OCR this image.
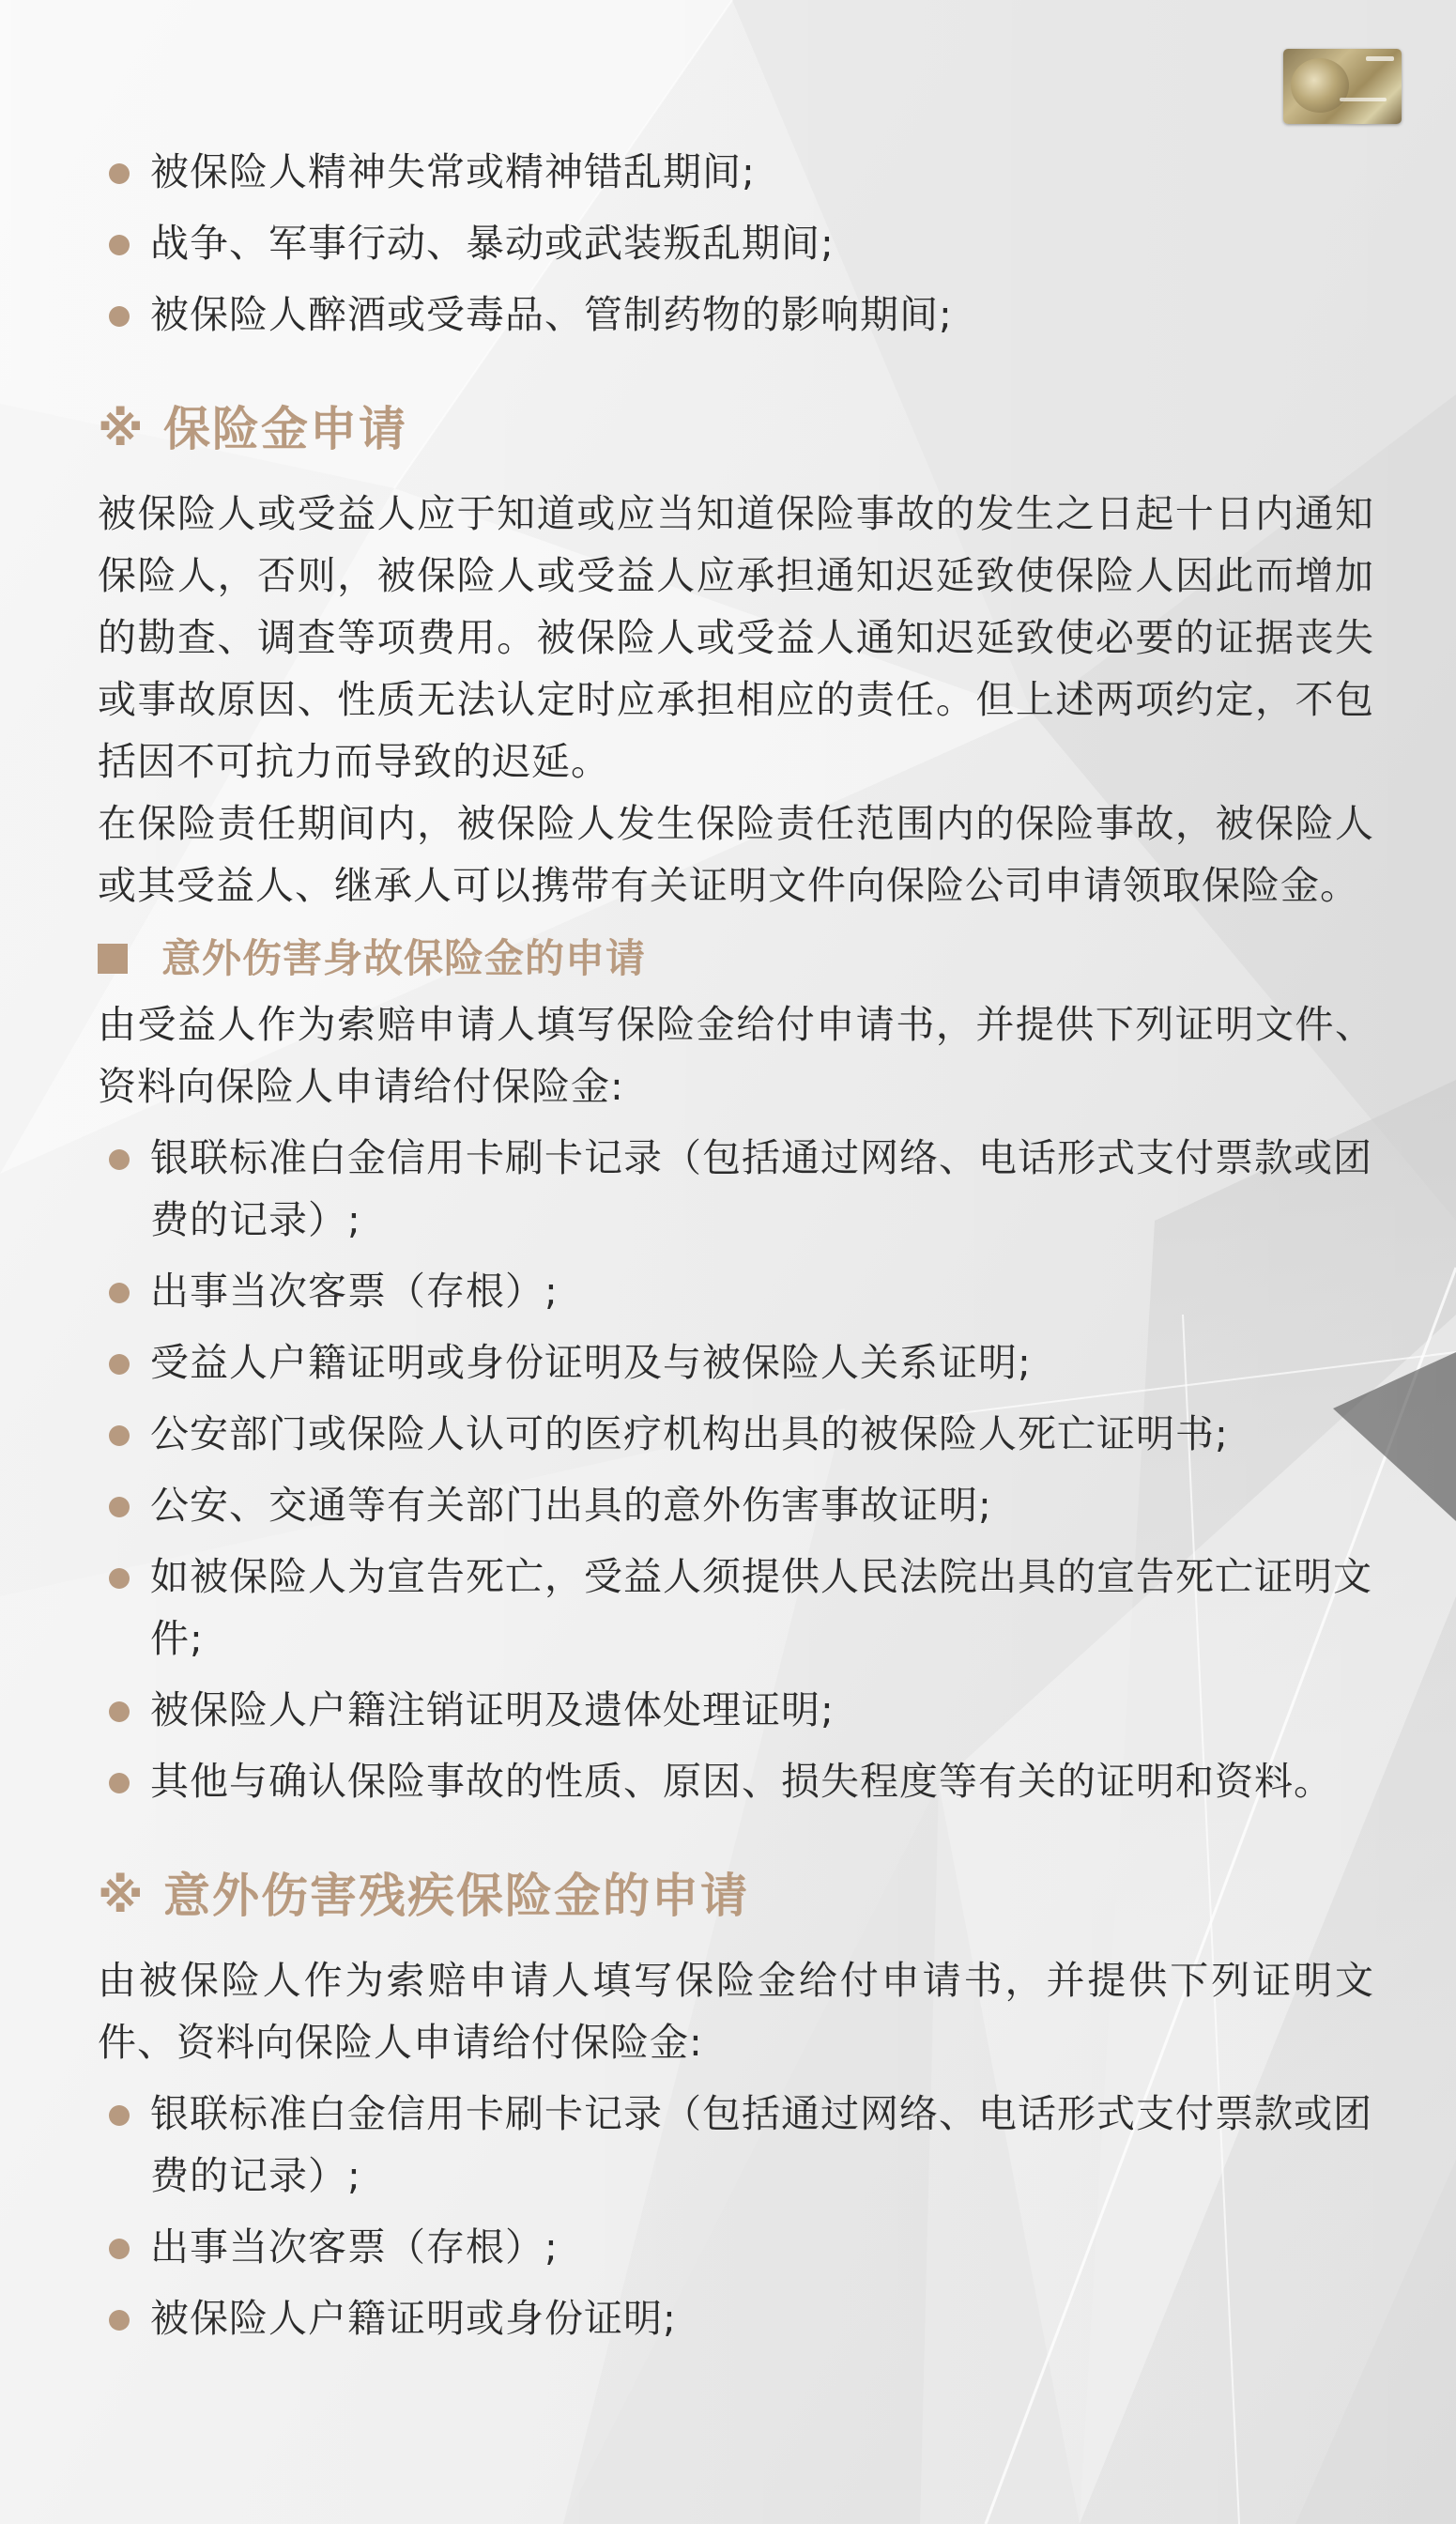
被保险人精神失常或精神错乱期间;
战争、军事行动、暴动或武装叛乱期间;
被保险人醉酒或受毒品、管制药物的影响期间;
※ 保险金申请

被保险人或受益人应于知道或应当知道保险事故的发生之日起十日内通知保险人，否则，被保险人或受益人应承担通知迟延致使保险人因此而增加的勘查、调查等项费用。被保险人或受益人通知迟延致使必要的证据丧失或事故原因、性质无法认定时应承担相应的责任。但上述两项约定，不包括因不可抗力而导致的迟延。

在保险责任期间内，被保险人发生保险责任范围内的保险事故，被保险人或其受益人、继承人可以携带有关证明文件向保险公司申请领取保险金。

意外伤害身故保险金的申请

由受益人作为索赔申请人填写保险金给付申请书，并提供下列证明文件、资料向保险人申请给付保险金:

银联标准白金信用卡刷卡记录（包括通过网络、电话形式支付票款或团费的记录）;
出事当次客票（存根）;
受益人户籍证明或身份证明及与被保险人关系证明;
公安部门或保险人认可的医疗机构出具的被保险人死亡证明书;
公安、交通等有关部门出具的意外伤害事故证明;
如被保险人为宣告死亡，受益人须提供人民法院出具的宣告死亡证明文件;
被保险人户籍注销证明及遗体处理证明;
其他与确认保险事故的性质、原因、损失程度等有关的证明和资料。
※ 意外伤害残疾保险金的申请

由被保险人作为索赔申请人填写保险金给付申请书，并提供下列证明文件、资料向保险人申请给付保险金:

银联标准白金信用卡刷卡记录（包括通过网络、电话形式支付票款或团费的记录）;
出事当次客票（存根）;
被保险人户籍证明或身份证明;
